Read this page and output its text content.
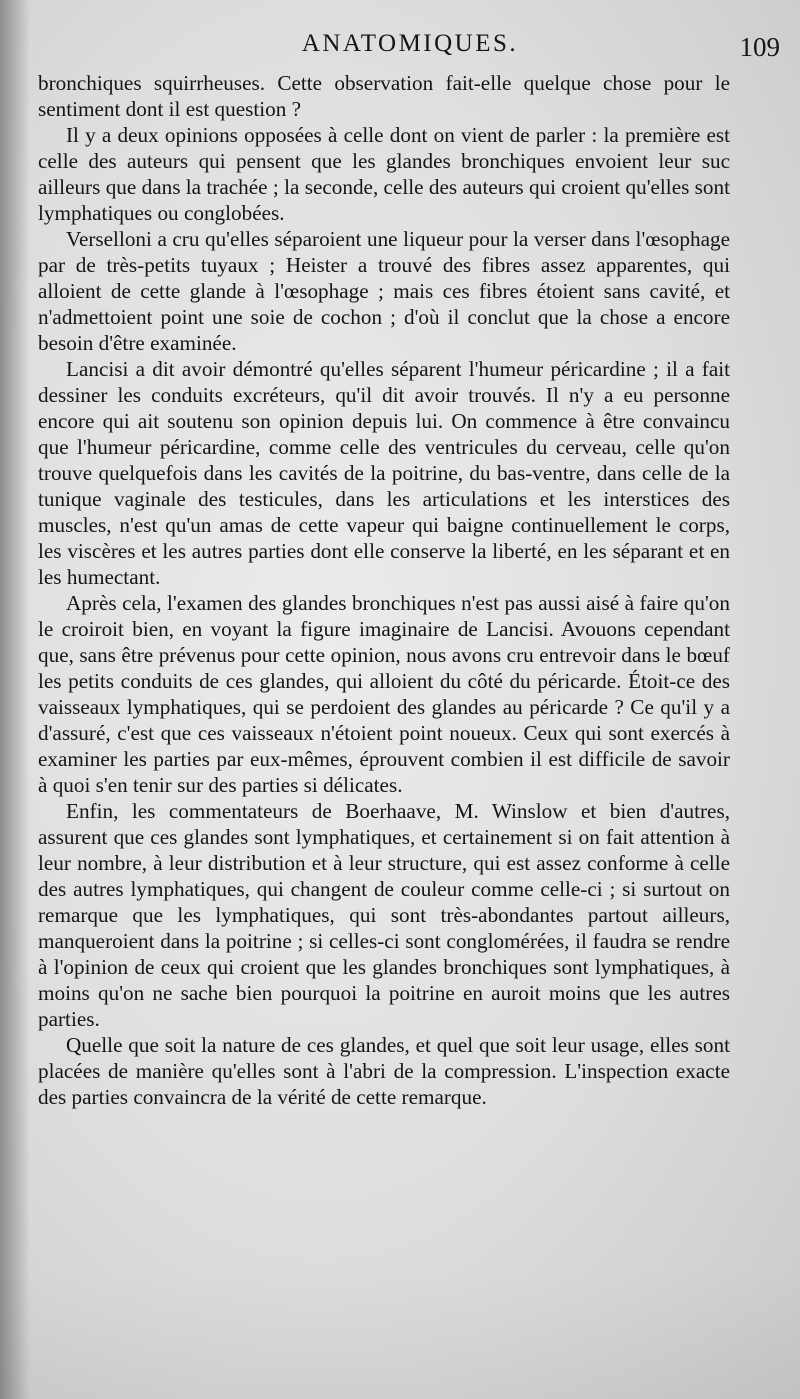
ANATOMIQUES.	109

bronchiques squirrheuses. Cette observation fait-elle quelque chose pour le sentiment dont il est question ?

Il y a deux opinions opposées à celle dont on vient de parler : la première est celle des auteurs qui pensent que les glandes bronchiques envoient leur suc ailleurs que dans la trachée ; la seconde, celle des auteurs qui croient qu'elles sont lymphatiques ou conglobées.

Verselloni a cru qu'elles séparoient une liqueur pour la verser dans l'œsophage par de très-petits tuyaux ; Heister a trouvé des fibres assez apparentes, qui alloient de cette glande à l'œsophage ; mais ces fibres étoient sans cavité, et n'admettoient point une soie de cochon ; d'où il conclut que la chose a encore besoin d'être examinée.

Lancisi a dit avoir démontré qu'elles séparent l'humeur péricardine ; il a fait dessiner les conduits excréteurs, qu'il dit avoir trouvés. Il n'y a eu personne encore qui ait soutenu son opinion depuis lui. On commence à être convaincu que l'humeur péricardine, comme celle des ventricules du cerveau, celle qu'on trouve quelquefois dans les cavités de la poitrine, du bas-ventre, dans celle de la tunique vaginale des testicules, dans les articulations et les interstices des muscles, n'est qu'un amas de cette vapeur qui baigne continuellement le corps, les viscères et les autres parties dont elle conserve la liberté, en les séparant et en les humectant.

Après cela, l'examen des glandes bronchiques n'est pas aussi aisé à faire qu'on le croiroit bien, en voyant la figure imaginaire de Lancisi. Avouons cependant que, sans être prévenus pour cette opinion, nous avons cru entrevoir dans le bœuf les petits conduits de ces glandes, qui alloient du côté du péricarde. Étoit-ce des vaisseaux lymphatiques, qui se perdoient des glandes au péricarde ? Ce qu'il y a d'assuré, c'est que ces vaisseaux n'étoient point noueux. Ceux qui sont exercés à examiner les parties par eux-mêmes, éprouvent combien il est difficile de savoir à quoi s'en tenir sur des parties si délicates.

Enfin, les commentateurs de Boerhaave, M. Winslow et bien d'autres, assurent que ces glandes sont lymphatiques, et certainement si on fait attention à leur nombre, à leur distribution et à leur structure, qui est assez conforme à celle des autres lymphatiques, qui changent de couleur comme celle-ci ; si surtout on remarque que les lymphatiques, qui sont très-abondantes partout ailleurs, manqueroient dans la poitrine ; si celles-ci sont conglomérées, il faudra se rendre à l'opinion de ceux qui croient que les glandes bronchiques sont lymphatiques, à moins qu'on ne sache bien pourquoi la poitrine en auroit moins que les autres parties.

Quelle que soit la nature de ces glandes, et quel que soit leur usage, elles sont placées de manière qu'elles sont à l'abri de la compression. L'inspection exacte des parties convaincra de la vérité de cette remarque.
